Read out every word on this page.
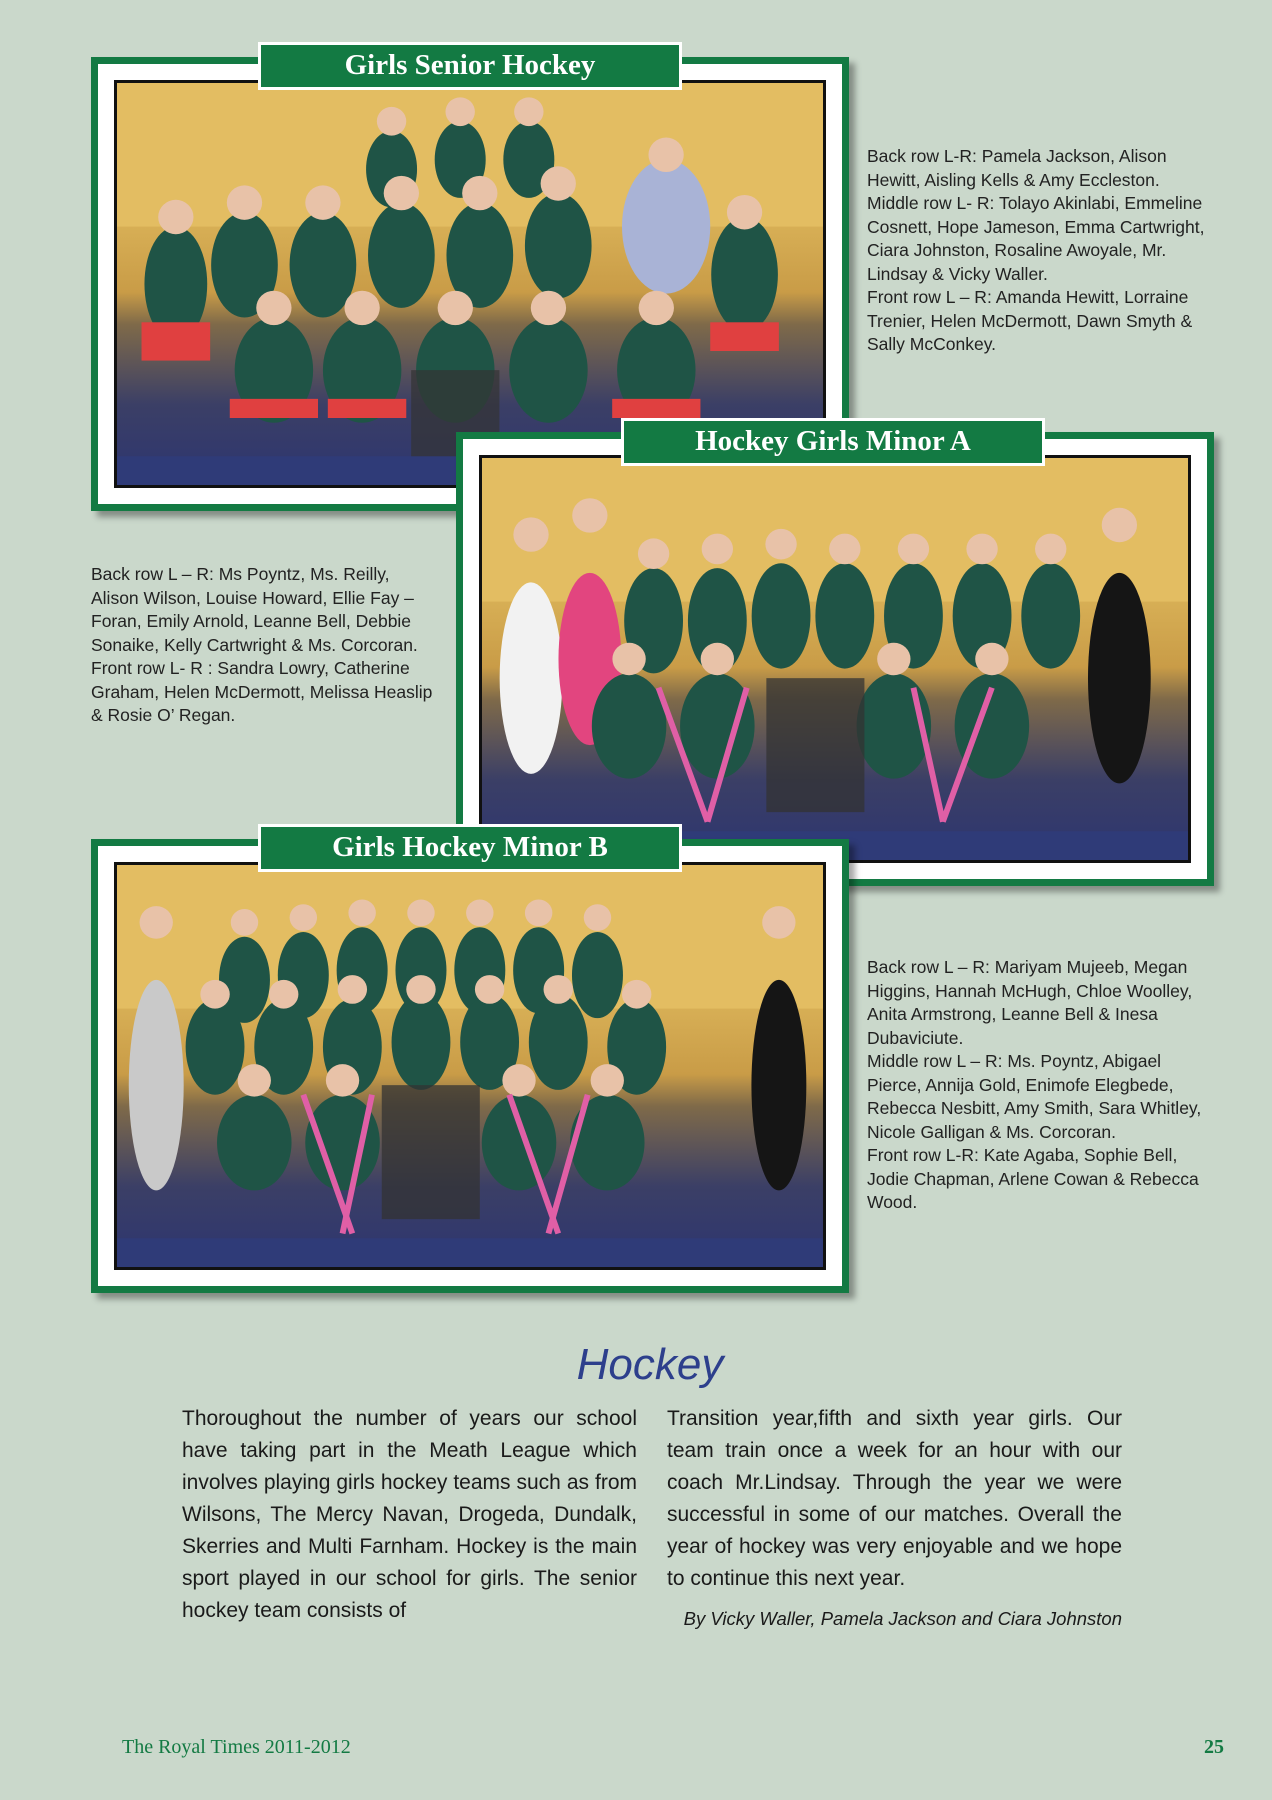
Girls Senior Hockey

Back row L-R: Pamela Jackson, Alison Hewitt, Aisling Kells & Amy Eccleston.

Middle row L- R: Tolayo Akinlabi, Emmeline Cosnett, Hope Jameson, Emma Cartwright, Ciara Johnston, Rosaline Awoyale, Mr. Lindsay & Vicky Waller.

Front row L – R: Amanda Hewitt, Lorraine Trenier, Helen McDermott, Dawn Smyth & Sally McConkey.

Hockey Girls Minor A

Back row L – R: Ms Poyntz, Ms. Reilly, Alison Wilson, Louise Howard, Ellie Fay – Foran, Emily Arnold, Leanne Bell, Debbie Sonaike, Kelly Cartwright & Ms. Corcoran.

Front row L- R : Sandra Lowry, Catherine Graham, Helen McDermott, Melissa Heaslip & Rosie O’ Regan.

Girls Hockey Minor B

Back row L – R: Mariyam Mujeeb, Megan Higgins, Hannah McHugh, Chloe Woolley, Anita Armstrong, Leanne Bell & Inesa Dubaviciute.

Middle row L – R: Ms. Poyntz, Abigael Pierce, Annija Gold, Enimofe Elegbede, Rebecca Nesbitt, Amy Smith, Sara Whitley, Nicole Galligan & Ms. Corcoran.

Front row L-R: Kate Agaba, Sophie Bell, Jodie Chapman, Arlene Cowan & Rebecca Wood.

Hockey
Thoroughout the number of years our school have taking part in the Meath League which involves playing girls hockey teams such as from Wilsons, The Mercy Navan, Drogeda, Dundalk, Skerries and Multi Farnham. Hockey is the main sport played in our school for girls. The senior hockey team consists of
Transition year,fifth and sixth year girls. Our team train once a week for an hour with our coach Mr.Lindsay. Through the year we were successful in some of our matches. Overall the year of hockey was very enjoyable and we hope to continue this next year.
By Vicky Waller, Pamela Jackson and Ciara Johnston
The Royal Times 2011-2012	25
